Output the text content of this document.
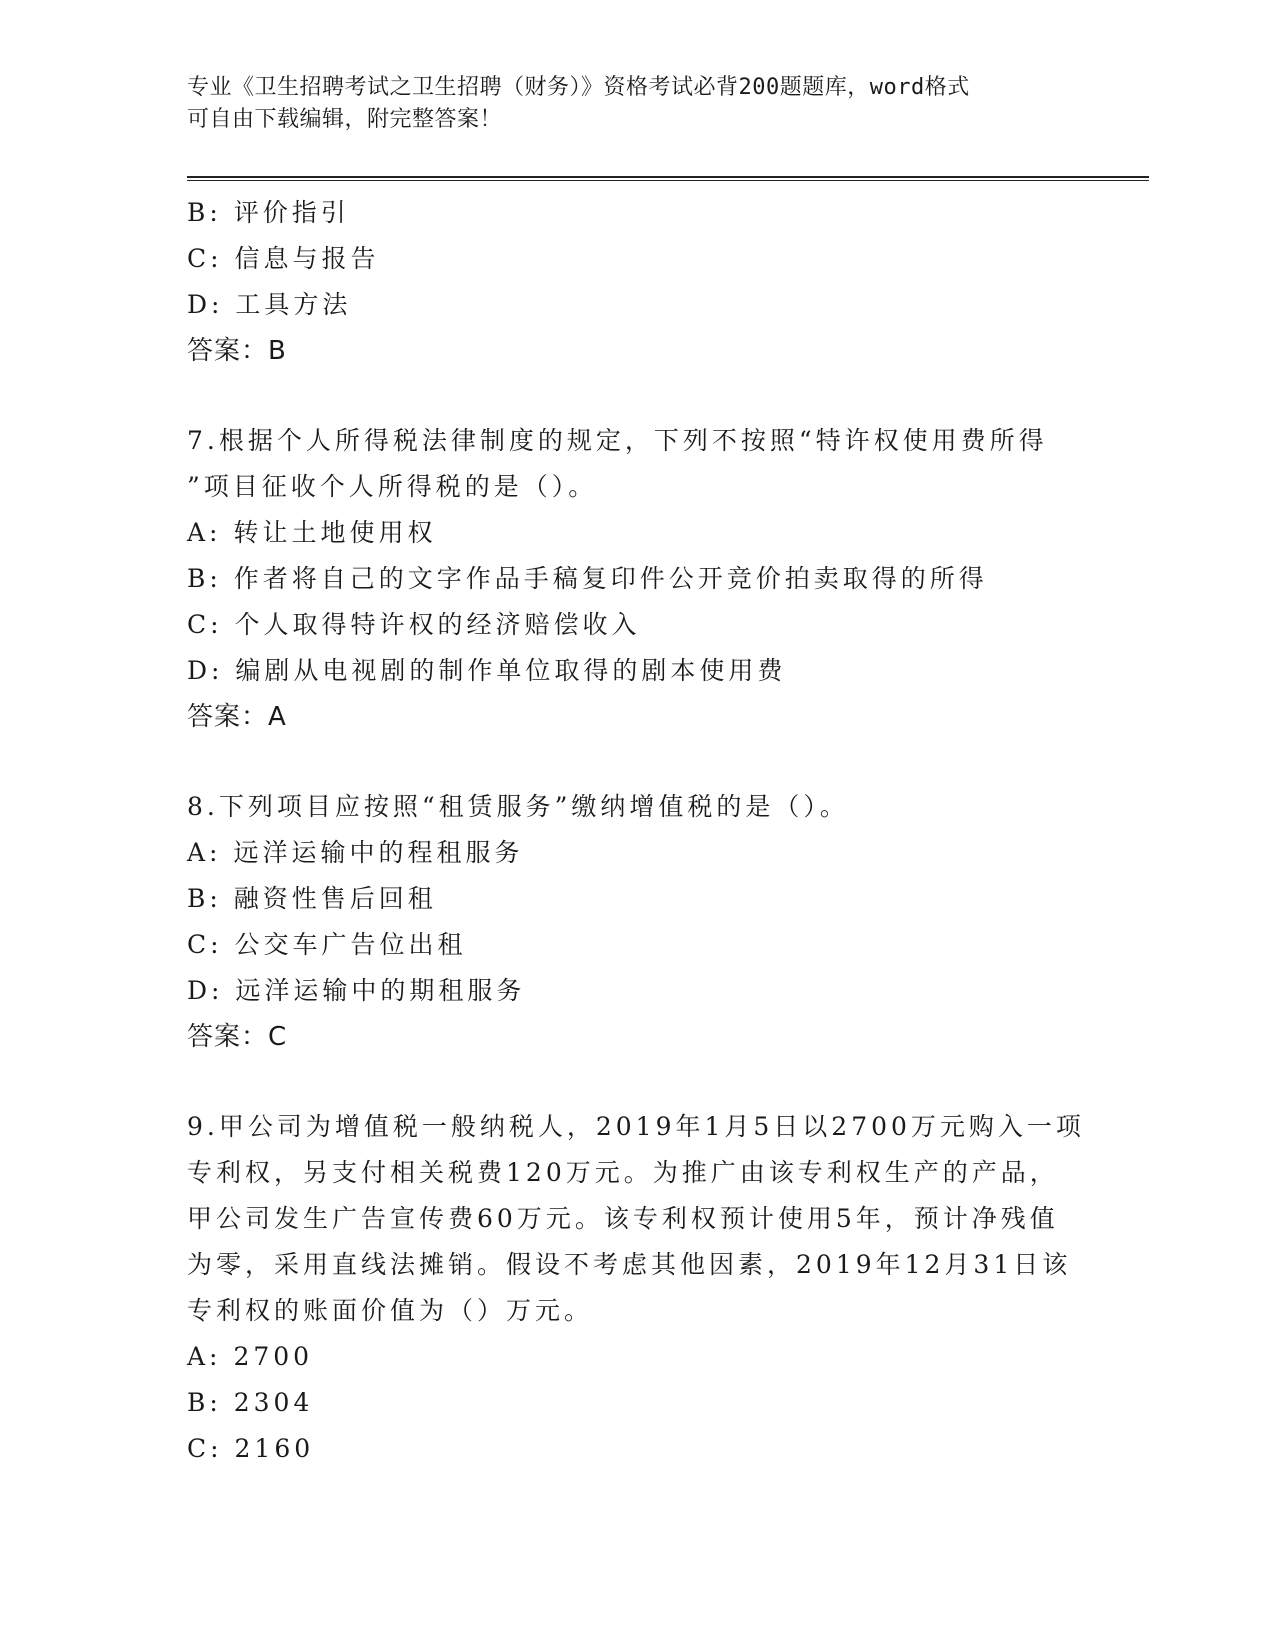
专业《卫生招聘考试之卫生招聘（财务）》资格考试必背200题题库，word格式
可自由下载编辑，附完整答案！
B: 评价指引
C: 信息与报告
D: 工具方法
答案：B
7.根据个人所得税法律制度的规定，下列不按照“特许权使用费所得
”项目征收个人所得税的是（）。
A: 转让土地使用权
B: 作者将自己的文字作品手稿复印件公开竞价拍卖取得的所得
C: 个人取得特许权的经济赔偿收入
D: 编剧从电视剧的制作单位取得的剧本使用费
答案：A
8.下列项目应按照“租赁服务”缴纳增值税的是（）。
A: 远洋运输中的程租服务
B: 融资性售后回租
C: 公交车广告位出租
D: 远洋运输中的期租服务
答案：C
9.甲公司为增值税一般纳税人，2019年1月5日以2700万元购入一项
专利权，另支付相关税费120万元。为推广由该专利权生产的产品，
甲公司发生广告宣传费60万元。该专利权预计使用5年，预计净残值
为零，采用直线法摊销。假设不考虑其他因素，2019年12月31日该
专利权的账面价值为（）万元。
A: 2700
B: 2304
C: 2160
